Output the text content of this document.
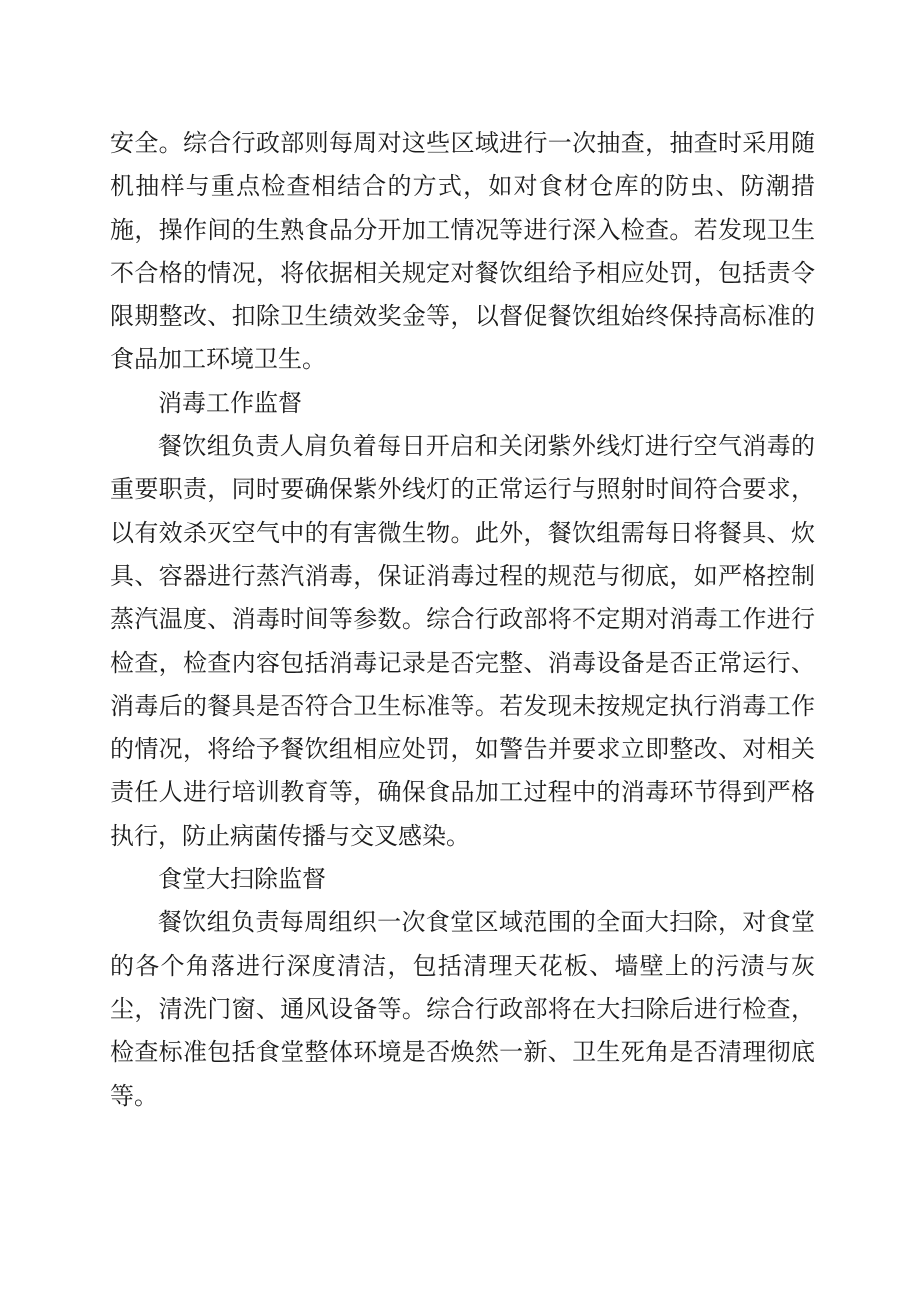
安全。综合行政部则每周对这些区域进行一次抽查，抽查时采用随机抽样与重点检查相结合的方式，如对食材仓库的防虫、防潮措施，操作间的生熟食品分开加工情况等进行深入检查。若发现卫生不合格的情况，将依据相关规定对餐饮组给予相应处罚，包括责令限期整改、扣除卫生绩效奖金等，以督促餐饮组始终保持高标准的食品加工环境卫生。

消毒工作监督

餐饮组负责人肩负着每日开启和关闭紫外线灯进行空气消毒的重要职责，同时要确保紫外线灯的正常运行与照射时间符合要求，以有效杀灭空气中的有害微生物。此外，餐饮组需每日将餐具、炊具、容器进行蒸汽消毒，保证消毒过程的规范与彻底，如严格控制蒸汽温度、消毒时间等参数。综合行政部将不定期对消毒工作进行检查，检查内容包括消毒记录是否完整、消毒设备是否正常运行、消毒后的餐具是否符合卫生标准等。若发现未按规定执行消毒工作的情况，将给予餐饮组相应处罚，如警告并要求立即整改、对相关责任人进行培训教育等，确保食品加工过程中的消毒环节得到严格执行，防止病菌传播与交叉感染。

食堂大扫除监督

餐饮组负责每周组织一次食堂区域范围的全面大扫除，对食堂的各个角落进行深度清洁，包括清理天花板、墙壁上的污渍与灰尘，清洗门窗、通风设备等。综合行政部将在大扫除后进行检查，检查标准包括食堂整体环境是否焕然一新、卫生死角是否清理彻底等。
